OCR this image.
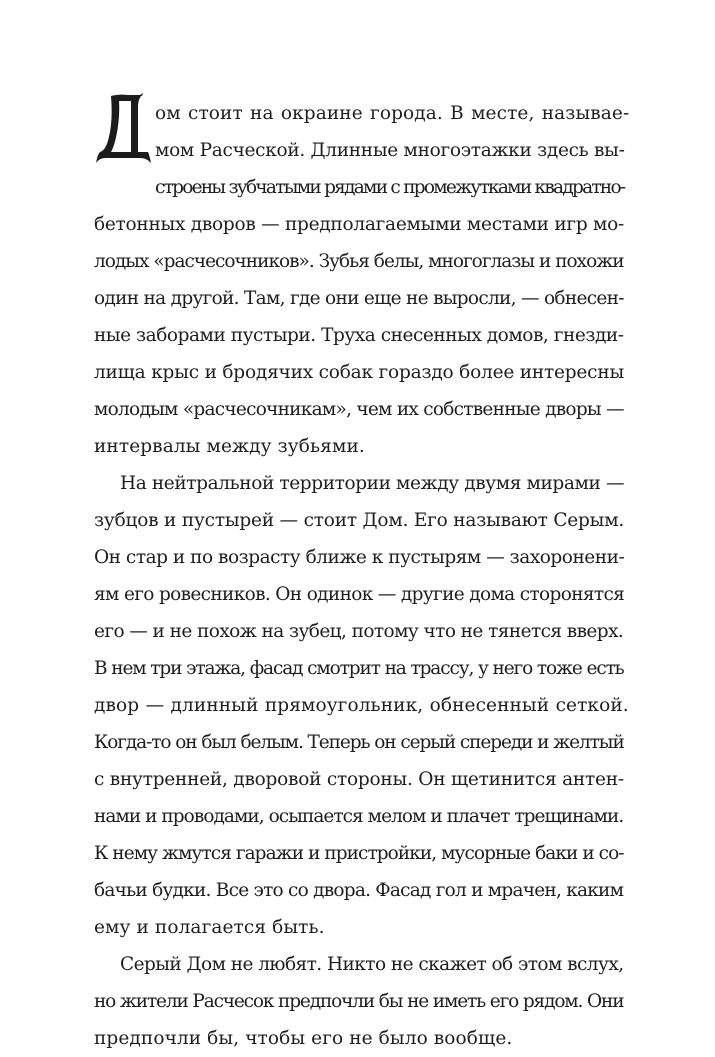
ом стоит на окраине города. В месте, называе-
мом Расческой. Длинные многоэтажки здесь вы-
строены зубчатыми рядами с промежутками квадратно-
бетонных дворов — предполагаемыми местами игр мо-
лодых «расчесочников». Зубья белы, многоглазы и похожи
один на другой. Там, где они еще не выросли, — обнесен-
ные заборами пустыри. Труха снесенных домов, гнезди-
лища крыс и бродячих собак гораздо более интересны
молодым «расчесочникам», чем их собственные дворы —
интервалы между зубьями.
На нейтральной территории между двумя мирами —
зубцов и пустырей — стоит Дом. Его называют Серым.
Он стар и по возрасту ближе к пустырям — захоронени-
ям его ровесников. Он одинок — другие дома сторонятся
его — и не похож на зубец, потому что не тянется вверх.
В нем три этажа, фасад смотрит на трассу, у него тоже есть
двор — длинный прямоугольник, обнесенный сеткой.
Когда-то он был белым. Теперь он серый спереди и желтый
с внутренней, дворовой стороны. Он щетинится антен-
нами и проводами, осыпается мелом и плачет трещинами.
К нему жмутся гаражи и пристройки, мусорные баки и со-
бачьи будки. Все это со двора. Фасад гол и мрачен, каким
ему и полагается быть.
Серый Дом не любят. Никто не скажет об этом вслух,
но жители Расчесок предпочли бы не иметь его рядом. Они
предпочли бы, чтобы его не было вообще.
